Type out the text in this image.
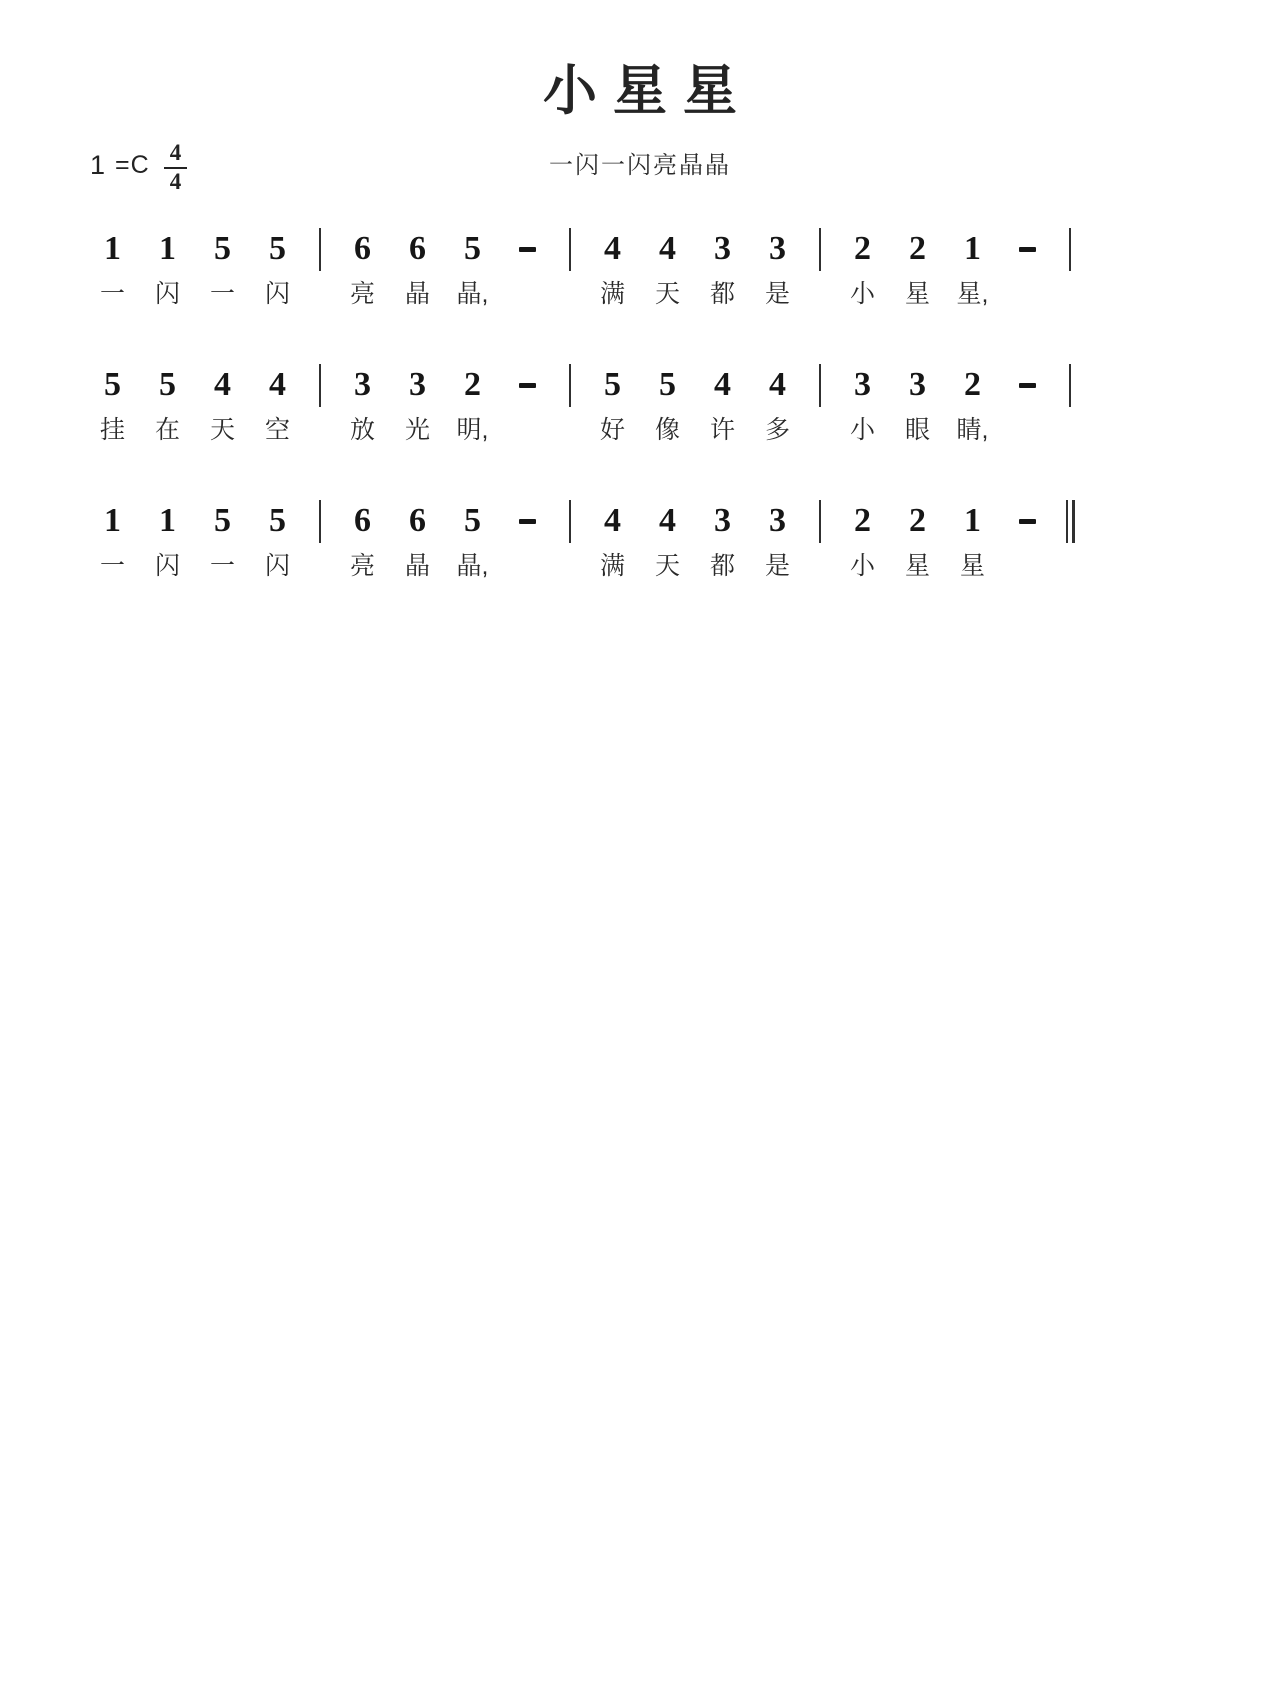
小星星
$1 =C \frac{4}{4}$	一闪一闪亮晶晶
1
一
1
闪
5
一
5
闪
6
亮
6
晶
5
晶,
4
满
4
天
3
都
3
是
2
小
2
星
1
星,
5
挂
5
在
4
天
4
空
3
放
3
光
2
明,
5
好
5
像
4
许
4
多
3
小
3
眼
2
睛,
1
一
1
闪
5
一
5
闪
6
亮
6
晶
5
晶,
4
满
4
天
3
都
3
是
2
小
2
星
1
星
